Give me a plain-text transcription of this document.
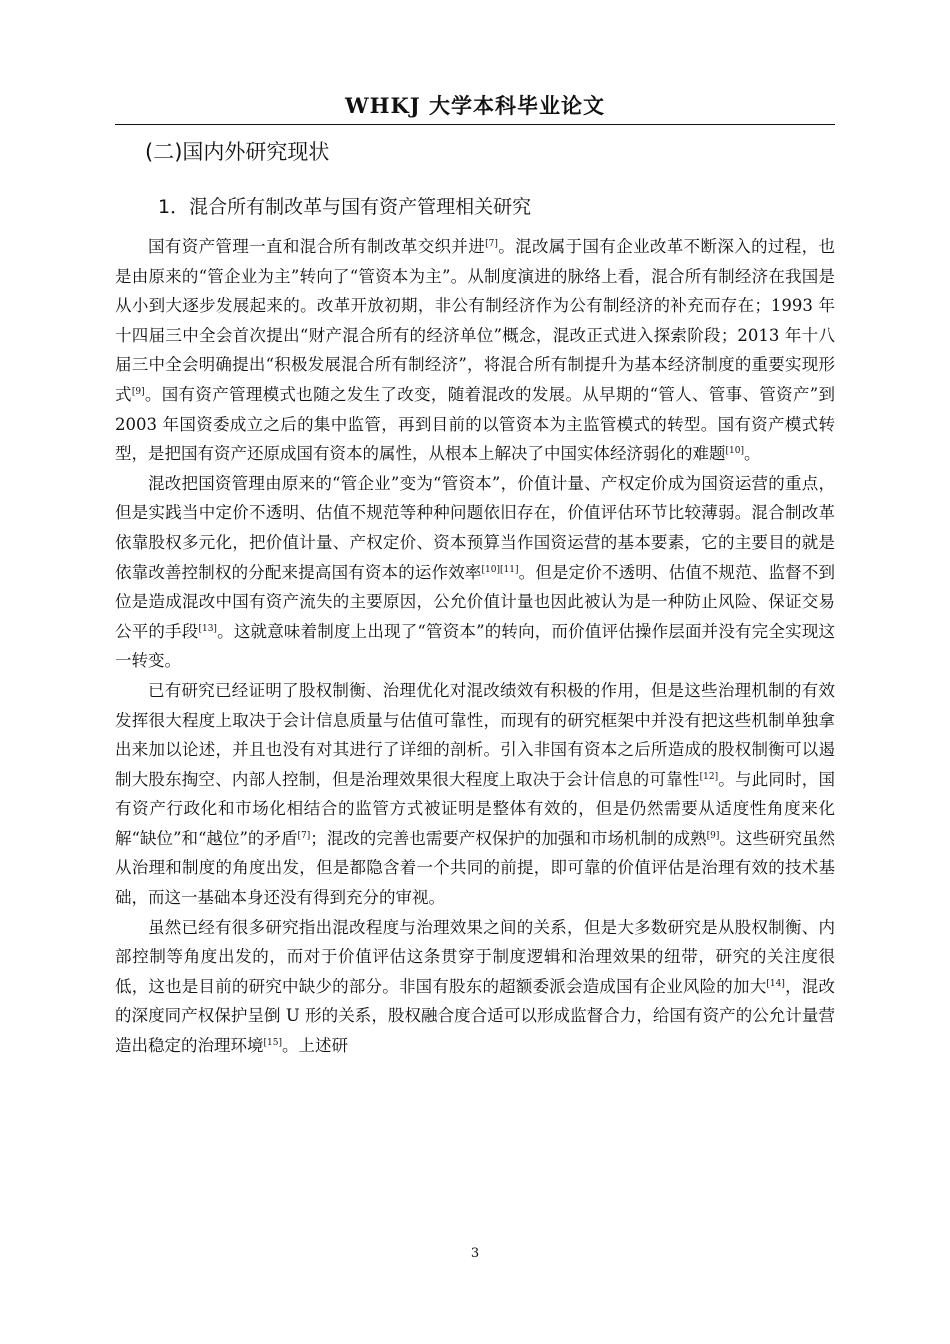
WHKJ 大学本科毕业论文
(二)国内外研究现状
1．混合所有制改革与国有资产管理相关研究

国有资产管理一直和混合所有制改革交织并进[7]。混改属于国有企业改革不断深入的过程，也是由原来的“管企业为主”转向了“管资本为主”。从制度演进的脉络上看，混合所有制经济在我国是从小到大逐步发展起来的。改革开放初期，非公有制经济作为公有制经济的补充而存在；1993 年十四届三中全会首次提出“财产混合所有的经济单位”概念，混改正式进入探索阶段；2013 年十八届三中全会明确提出“积极发展混合所有制经济”，将混合所有制提升为基本经济制度的重要实现形式[9]。国有资产管理模式也随之发生了改变，随着混改的发展。从早期的“管人、管事、管资产”到 2003 年国资委成立之后的集中监管，再到目前的以管资本为主监管模式的转型。国有资产模式转型，是把国有资产还原成国有资本的属性，从根本上解决了中国实体经济弱化的难题[10]。

混改把国资管理由原来的“管企业”变为“管资本”，价值计量、产权定价成为国资运营的重点，但是实践当中定价不透明、估值不规范等种种问题依旧存在，价值评估环节比较薄弱。混合制改革依靠股权多元化，把价值计量、产权定价、资本预算当作国资运营的基本要素，它的主要目的就是依靠改善控制权的分配来提高国有资本的运作效率[10][11]。但是定价不透明、估值不规范、监督不到位是造成混改中国有资产流失的主要原因，公允价值计量也因此被认为是一种防止风险、保证交易公平的手段[13]。这就意味着制度上出现了“管资本”的转向，而价值评估操作层面并没有完全实现这一转变。

已有研究已经证明了股权制衡、治理优化对混改绩效有积极的作用，但是这些治理机制的有效发挥很大程度上取决于会计信息质量与估值可靠性，而现有的研究框架中并没有把这些机制单独拿出来加以论述，并且也没有对其进行了详细的剖析。引入非国有资本之后所造成的股权制衡可以遏制大股东掏空、内部人控制，但是治理效果很大程度上取决于会计信息的可靠性[12]。与此同时，国有资产行政化和市场化相结合的监管方式被证明是整体有效的，但是仍然需要从适度性角度来化解“缺位”和“越位”的矛盾[7]；混改的完善也需要产权保护的加强和市场机制的成熟[9]。这些研究虽然从治理和制度的角度出发，但是都隐含着一个共同的前提，即可靠的价值评估是治理有效的技术基础，而这一基础本身还没有得到充分的审视。

虽然已经有很多研究指出混改程度与治理效果之间的关系，但是大多数研究是从股权制衡、内部控制等角度出发的，而对于价值评估这条贯穿于制度逻辑和治理效果的纽带，研究的关注度很低，这也是目前的研究中缺少的部分。非国有股东的超额委派会造成国有企业风险的加大[14]，混改的深度同产权保护呈倒 U 形的关系，股权融合度合适可以形成监督合力，给国有资产的公允计量营造出稳定的治理环境[15]。上述研

3
